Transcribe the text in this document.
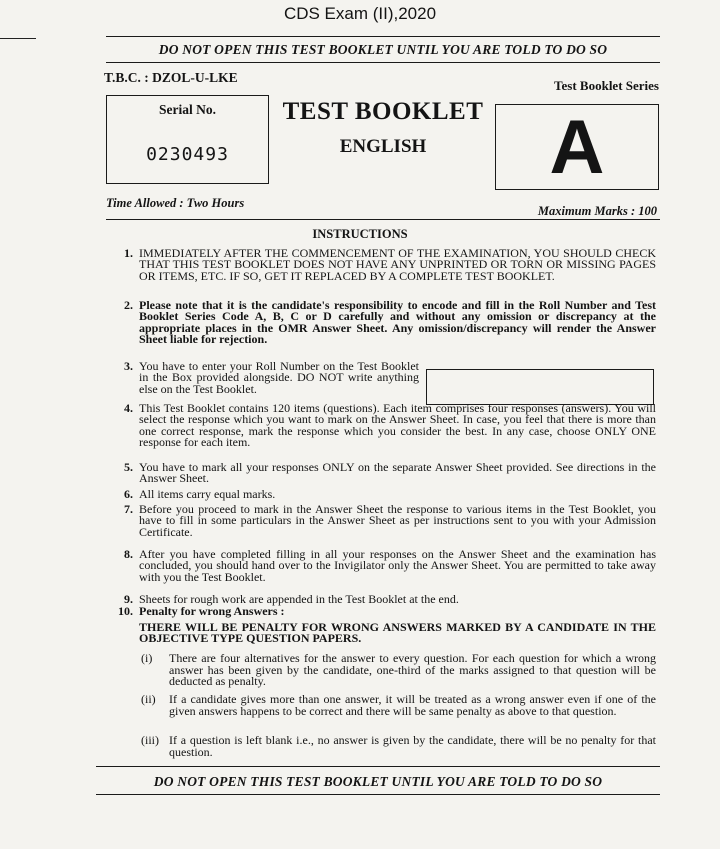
CDS Exam (II),2020
DO NOT OPEN THIS TEST BOOKLET UNTIL YOU ARE TOLD TO DO SO
T.B.C. : DZOL-U-LKE
Test Booklet Series
Serial No.
0230493
TEST BOOKLET
ENGLISH	A
Time Allowed : Two Hours
Maximum Marks : 100
INSTRUCTIONS
1. IMMEDIATELY AFTER THE COMMENCEMENT OF THE EXAMINATION, YOU SHOULD CHECK THAT THIS TEST BOOKLET DOES NOT HAVE ANY UNPRINTED OR TORN OR MISSING PAGES OR ITEMS, ETC. IF SO, GET IT REPLACED BY A COMPLETE TEST BOOKLET.
2. Please note that it is the candidate's responsibility to encode and fill in the Roll Number and Test Booklet Series Code A, B, C or D carefully and without any omission or discrepancy at the appropriate places in the OMR Answer Sheet. Any omission/discrepancy will render the Answer Sheet liable for rejection.
3. You have to enter your Roll Number on the Test Booklet in the Box provided alongside. DO NOT write anything else on the Test Booklet.
4. This Test Booklet contains 120 items (questions). Each item comprises four responses (answers). You will select the response which you want to mark on the Answer Sheet. In case, you feel that there is more than one correct response, mark the response which you consider the best. In any case, choose ONLY ONE response for each item.
5. You have to mark all your responses ONLY on the separate Answer Sheet provided. See directions in the Answer Sheet.
6. All items carry equal marks.
7. Before you proceed to mark in the Answer Sheet the response to various items in the Test Booklet, you have to fill in some particulars in the Answer Sheet as per instructions sent to you with your Admission Certificate.
8. After you have completed filling in all your responses on the Answer Sheet and the examination has concluded, you should hand over to the Invigilator only the Answer Sheet. You are permitted to take away with you the Test Booklet.
9. Sheets for rough work are appended in the Test Booklet at the end.
10. Penalty for wrong Answers :
THERE WILL BE PENALTY FOR WRONG ANSWERS MARKED BY A CANDIDATE IN THE OBJECTIVE TYPE QUESTION PAPERS.
(i) There are four alternatives for the answer to every question. For each question for which a wrong answer has been given by the candidate, one-third of the marks assigned to that question will be deducted as penalty.
(ii) If a candidate gives more than one answer, it will be treated as a wrong answer even if one of the given answers happens to be correct and there will be same penalty as above to that question.
(iii) If a question is left blank i.e., no answer is given by the candidate, there will be no penalty for that question.
DO NOT OPEN THIS TEST BOOKLET UNTIL YOU ARE TOLD TO DO SO
